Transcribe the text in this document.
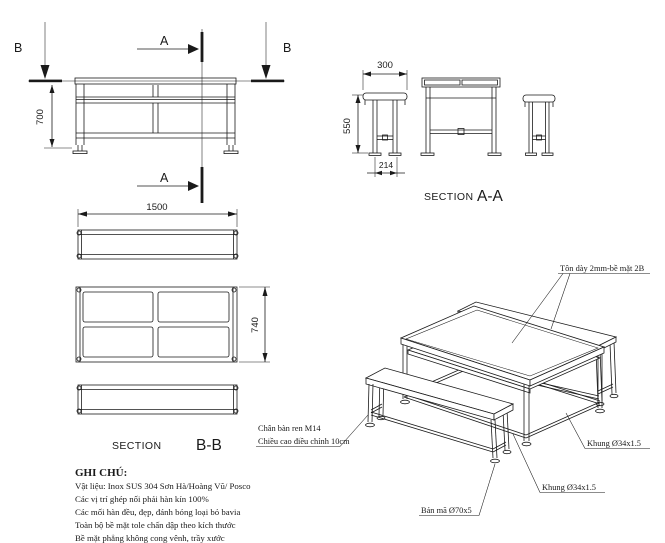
B	B
A
A
700
300
550
214
SECTION A-A
1500
740
SECTION B-B
Tôn dày 2mm-bề mặt 2B
Chân bàn ren M14
Chiều cao điều chỉnh 10cm	Khung Ø34x1.5
Khung Ø34x1.5
Bản mã Ø70x5
GHI CHÚ:
Vật liệu: Inox SUS 304 Sơn Hà/Hoàng Vũ/ Posco
Các vị trí ghép nối phải hàn kín 100%
Các mối hàn đều, đẹp, đánh bóng loại bỏ bavia
Toàn bộ bề mặt tole chấn dập theo kích thước
Bề mặt phẳng không cong vênh, trầy xước
